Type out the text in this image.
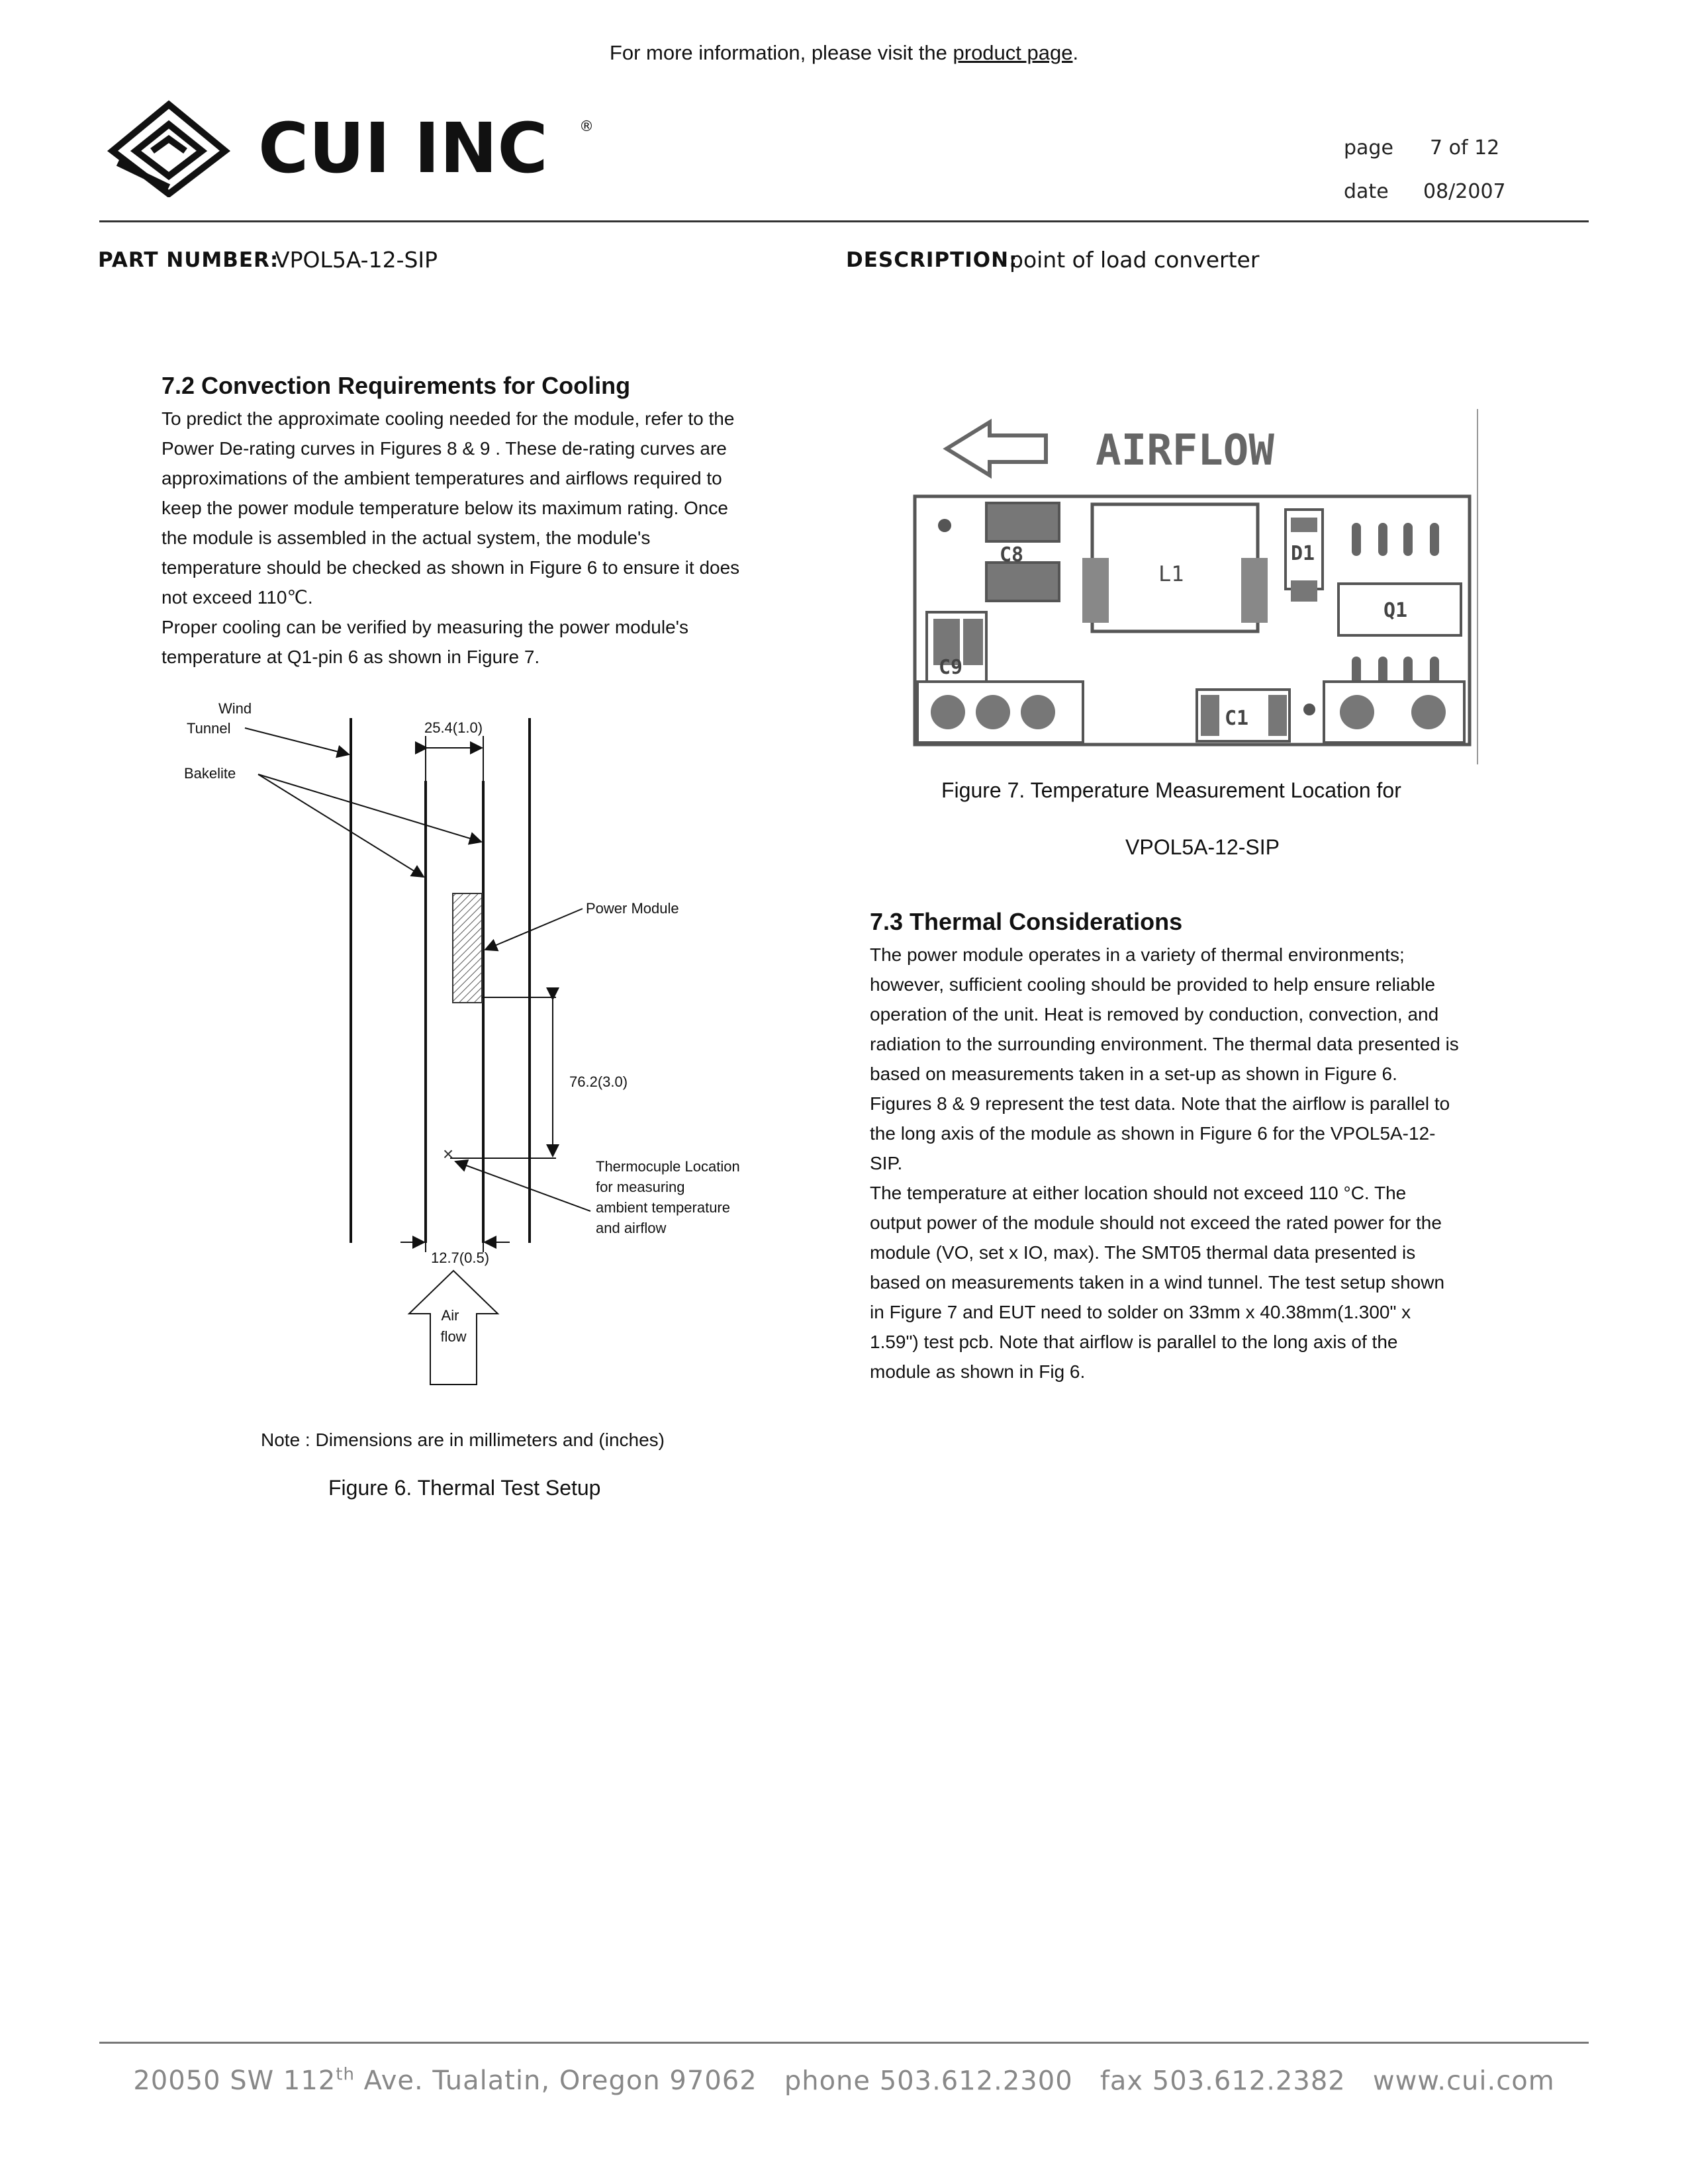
For more information, please visit the product page.
CUI INC ®
page 7 of 12
date 08/2007
PART NUMBER:
VPOL5A-12-SIP	DESCRIPTION:
point of load converter
7.2 Convection Requirements for Cooling

To predict the approximate cooling needed for the module, refer to the

Power De-rating curves in Figures 8 & 9 . These de-rating curves are

approximations of the ambient temperatures and airflows required to

keep the power module temperature below its maximum rating. Once

the module is assembled in the actual system, the module's

temperature should be checked as shown in Figure 6 to ensure it does

not exceed 110℃.

Proper cooling can be verified by measuring the power module's

temperature at Q1-pin 6 as shown in Figure 7.

25.4(1.0)
Wind
Tunnel
Bakelite
Power Module
76.2(3.0)
×
Thermocuple Location for measuring ambient temperature and airflow
12.7(0.5)
Air
flow
Note : Dimensions are in millimeters and (inches)
Figure 6. Thermal Test Setup
AIRFLOW
C8
L1
D1
Q1
C9
C1
Figure 7. Temperature Measurement Location for
VPOL5A-12-SIP
7.3 Thermal Considerations

The power module operates in a variety of thermal environments;

however, sufficient cooling should be provided to help ensure reliable

operation of the unit. Heat is removed by conduction, convection, and

radiation to the surrounding environment. The thermal data presented is

based on measurements taken in a set-up as shown in Figure 6.

Figures 8 & 9 represent the test data. Note that the airflow is parallel to

the long axis of the module as shown in Figure 6 for the VPOL5A-12-

SIP.

The temperature at either location should not exceed 110 °C. The

output power of the module should not exceed the rated power for the

module (VO, set x IO, max). The SMT05 thermal data presented is

based on measurements taken in a wind tunnel. The test setup shown

in Figure 7 and EUT need to solder on 33mm x 40.38mm(1.300" x

1.59") test pcb. Note that airflow is parallel to the long axis of the

module as shown in Fig 6.

20050 SW 112th Ave. Tualatin, Oregon 97062 phone 503.612.2300 fax 503.612.2382 www.cui.com
